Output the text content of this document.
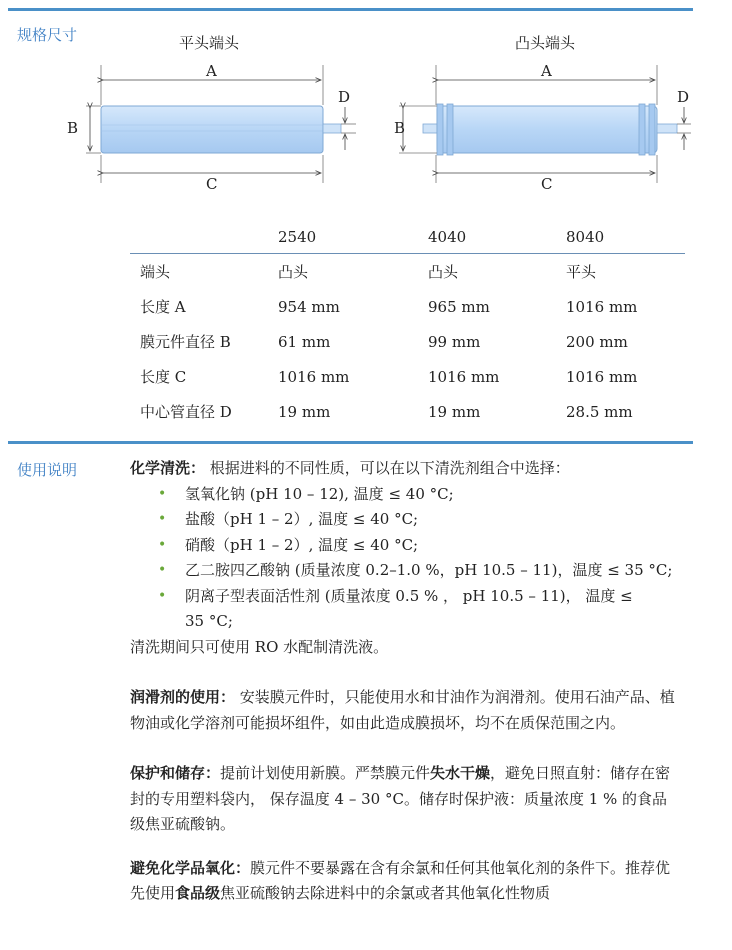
规格尺寸	平头端头	凸头端头
A
B
D
C
A
B
D
C
	2540	4040	8040
端头	凸头	凸头	平头
长度 A	954 mm	965 mm	1016 mm
膜元件直径 B	61 mm	99 mm	200 mm
长度 C	1016 mm	1016 mm	1016 mm
中心管直径 D	19 mm	19 mm	28.5 mm
使用说明	化学清洗： 根据进料的不同性质，可以在以下清洗剂组合中选择：

• 氢氧化钠 (pH 10 – 12), 温度 ≤ 40 °C;
• 盐酸（pH 1 – 2）, 温度 ≤ 40 °C;
• 硝酸（pH 1 – 2）, 温度 ≤ 40 °C;
• 乙二胺四乙酸钠 (质量浓度 0.2–1.0 %，pH 10.5 – 11)，温度 ≤ 35 °C;
• 阴离子型表面活性剂 (质量浓度 0.5 % ， pH 10.5 – 11)， 温度 ≤ 35 °C;

清洗期间只可使用 RO 水配制清洗液。

润滑剂的使用： 安装膜元件时，只能使用水和甘油作为润滑剂。使用石油产品、植物油或化学溶剂可能损坏组件，如由此造成膜损坏，均不在质保范围之内。

保护和储存：提前计划使用新膜。严禁膜元件失水干燥，避免日照直射：储存在密封的专用塑料袋内， 保存温度 4 – 30 °C。储存时保护液：质量浓度 1 % 的食品级焦亚硫酸钠。

避免化学品氧化：膜元件不要暴露在含有余氯和任何其他氧化剂的条件下。推荐优先使用食品级焦亚硫酸钠去除进料中的余氯或者其他氧化性物质
